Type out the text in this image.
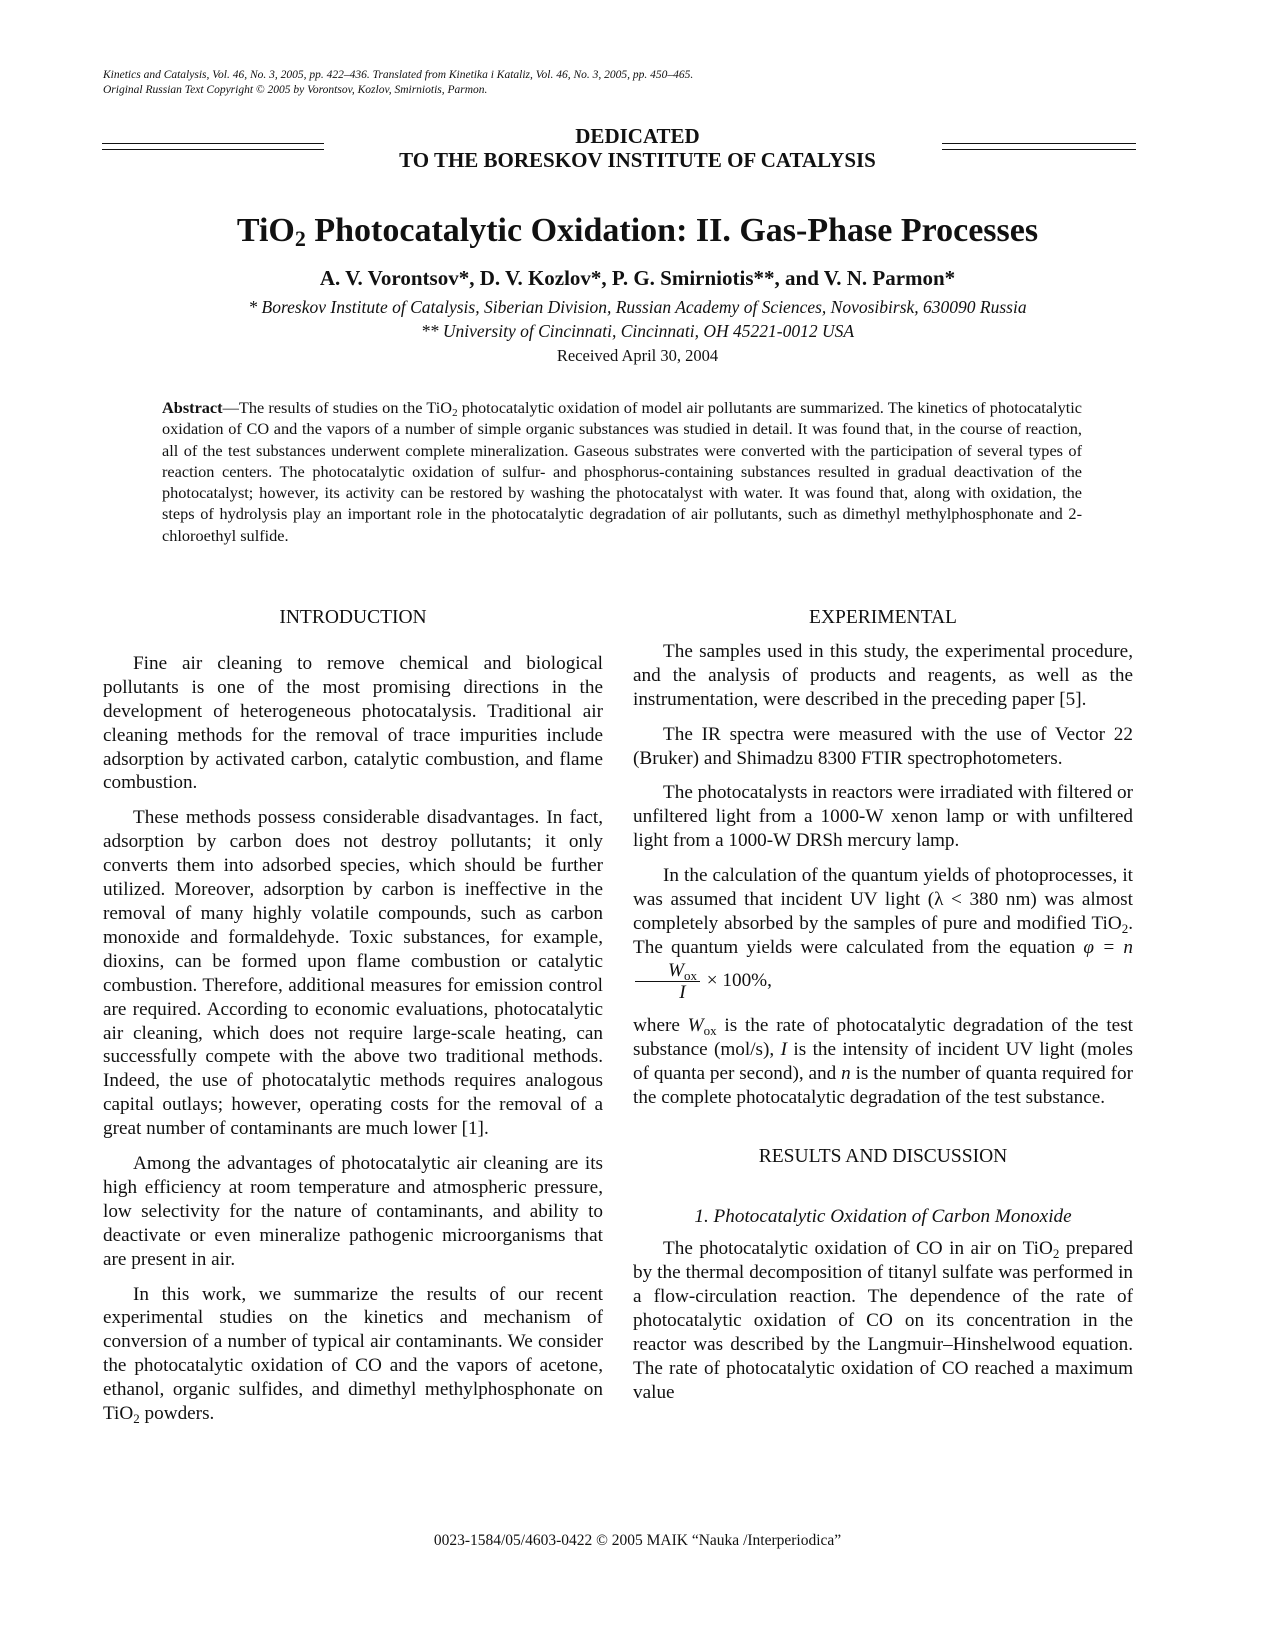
Kinetics and Catalysis, Vol. 46, No. 3, 2005, pp. 422–436. Translated from Kinetika i Kataliz, Vol. 46, No. 3, 2005, pp. 450–465.
Original Russian Text Copyright © 2005 by Vorontsov, Kozlov, Smirniotis, Parmon.
DEDICATED
TO THE BORESKOV INSTITUTE OF CATALYSIS
TiO$_2$ Photocatalytic Oxidation: II. Gas-Phase Processes
A. V. Vorontsov*, D. V. Kozlov*, P. G. Smirniotis**, and V. N. Parmon*
* Boreskov Institute of Catalysis, Siberian Division, Russian Academy of Sciences, Novosibirsk, 630090 Russia
** University of Cincinnati, Cincinnati, OH 45221-0012 USA
Received April 30, 2004
Abstract—The results of studies on the TiO$_2$ photocatalytic oxidation of model air pollutants are summarized. The kinetics of photocatalytic oxidation of CO and the vapors of a number of simple organic substances was studied in detail. It was found that, in the course of reaction, all of the test substances underwent complete mineralization. Gaseous substrates were converted with the participation of several types of reaction centers. The photocatalytic oxidation of sulfur- and phosphorus-containing substances resulted in gradual deactivation of the photocatalyst; however, its activity can be restored by washing the photocatalyst with water. It was found that, along with oxidation, the steps of hydrolysis play an important role in the photocatalytic degradation of air pollutants, such as dimethyl methylphosphonate and 2-chloroethyl sulfide.
INTRODUCTION

Fine air cleaning to remove chemical and biological pollutants is one of the most promising directions in the development of heterogeneous photocatalysis. Traditional air cleaning methods for the removal of trace impurities include adsorption by activated carbon, catalytic combustion, and flame combustion.

These methods possess considerable disadvantages. In fact, adsorption by carbon does not destroy pollutants; it only converts them into adsorbed species, which should be further utilized. Moreover, adsorption by carbon is ineffective in the removal of many highly volatile compounds, such as carbon monoxide and formaldehyde. Toxic substances, for example, dioxins, can be formed upon flame combustion or catalytic combustion. Therefore, additional measures for emission control are required. According to economic evaluations, photocatalytic air cleaning, which does not require large-scale heating, can successfully compete with the above two traditional methods. Indeed, the use of photocatalytic methods requires analogous capital outlays; however, operating costs for the removal of a great number of contaminants are much lower [1].

Among the advantages of photocatalytic air cleaning are its high efficiency at room temperature and atmospheric pressure, low selectivity for the nature of contaminants, and ability to deactivate or even mineralize pathogenic microorganisms that are present in air.

In this work, we summarize the results of our recent experimental studies on the kinetics and mechanism of conversion of a number of typical air contaminants. We consider the photocatalytic oxidation of CO and the vapors of acetone, ethanol, organic sulfides, and dimethyl methylphosphonate on TiO$_2$ powders.

EXPERIMENTAL

The samples used in this study, the experimental procedure, and the analysis of products and reagents, as well as the instrumentation, were described in the preceding paper [5].

The IR spectra were measured with the use of Vector 22 (Bruker) and Shimadzu 8300 FTIR spectrophotometers.

The photocatalysts in reactors were irradiated with filtered or unfiltered light from a 1000-W xenon lamp or with unfiltered light from a 1000-W DRSh mercury lamp.

In the calculation of the quantum yields of photoprocesses, it was assumed that incident UV light (λ < 380 nm) was almost completely absorbed by the samples of pure and modified TiO$_2$. The quantum yields were calculated from the equation φ = n
$\frac{W_{ox}}{I} \times 100\%$,

where $W_{ox}$ is the rate of photocatalytic degradation of the test substance (mol/s), I is the intensity of incident UV light (moles of quanta per second), and n is the number of quanta required for the complete photocatalytic degradation of the test substance.

RESULTS AND DISCUSSION
1. Photocatalytic Oxidation of Carbon Monoxide

The photocatalytic oxidation of CO in air on TiO$_2$ prepared by the thermal decomposition of titanyl sulfate was performed in a flow-circulation reaction. The dependence of the rate of photocatalytic oxidation of CO on its concentration in the reactor was described by the Langmuir–Hinshelwood equation. The rate of photocatalytic oxidation of CO reached a maximum value

0023-1584/05/4603-0422 © 2005 MAIK “Nauka /Interperiodica”
